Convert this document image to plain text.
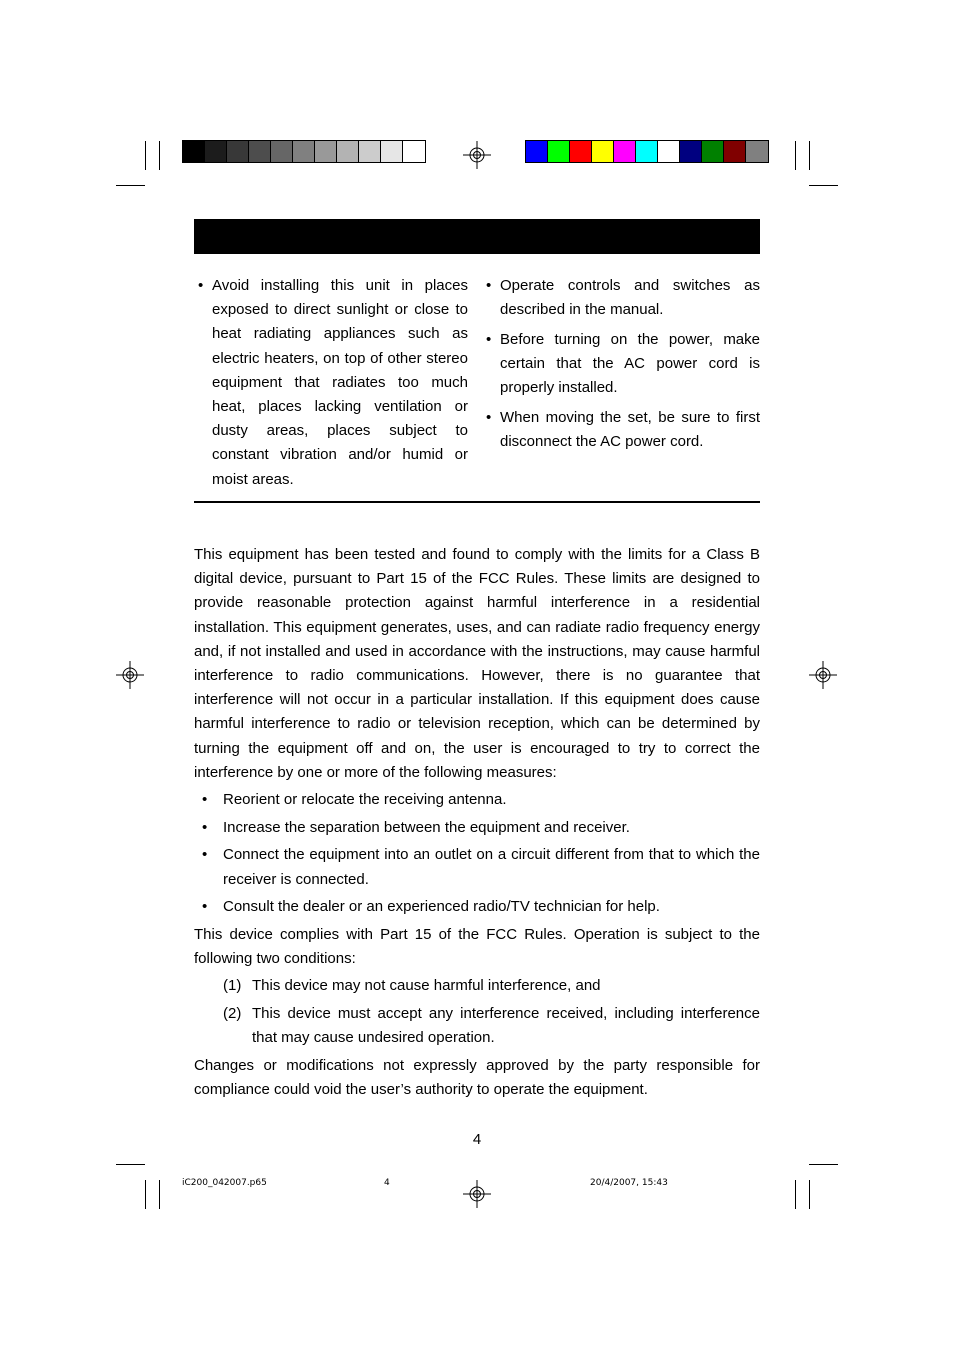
• Avoid installing this unit in places exposed to direct sunlight or close to heat radiating appliances such as electric heaters, on top of other stereo equipment that radiates too much heat, places lacking ventilation or dusty areas, places subject to constant vibration and/or humid or moist areas.
• Operate controls and switches as described in the manual.
• Before turning on the power, make certain that the AC power cord is properly installed.
• When moving the set, be sure to first disconnect the AC power cord.

This equipment has been tested and found to comply with the limits for a Class B digital device, pursuant to Part 15 of the FCC Rules. These limits are designed to provide reasonable protection against harmful interference in a residential installation. This equipment generates, uses, and can radiate radio frequency energy and, if not installed and used in accordance with the instructions, may cause harmful interference to radio communications. However, there is no guarantee that interference will not occur in a particular installation. If this equipment does cause harmful interference to radio or television reception, which can be determined by turning the equipment off and on, the user is encouraged to try to correct the interference by one or more of the following measures:

• Reorient or relocate the receiving antenna.
• Increase the separation between the equipment and receiver.
• Connect the equipment into an outlet on a circuit different from that to which the receiver is connected.
• Consult the dealer or an experienced radio/TV technician for help.

This device complies with Part 15 of the FCC Rules. Operation is subject to the following two conditions:

(1) This device may not cause harmful interference, and
(2) This device must accept any interference received, including interference that may cause undesired operation.

Changes or modifications not expressly approved by the party responsible for compliance could void the user’s authority to operate the equipment.

4
iC200_042007.p65	4	20/4/2007, 15:43
